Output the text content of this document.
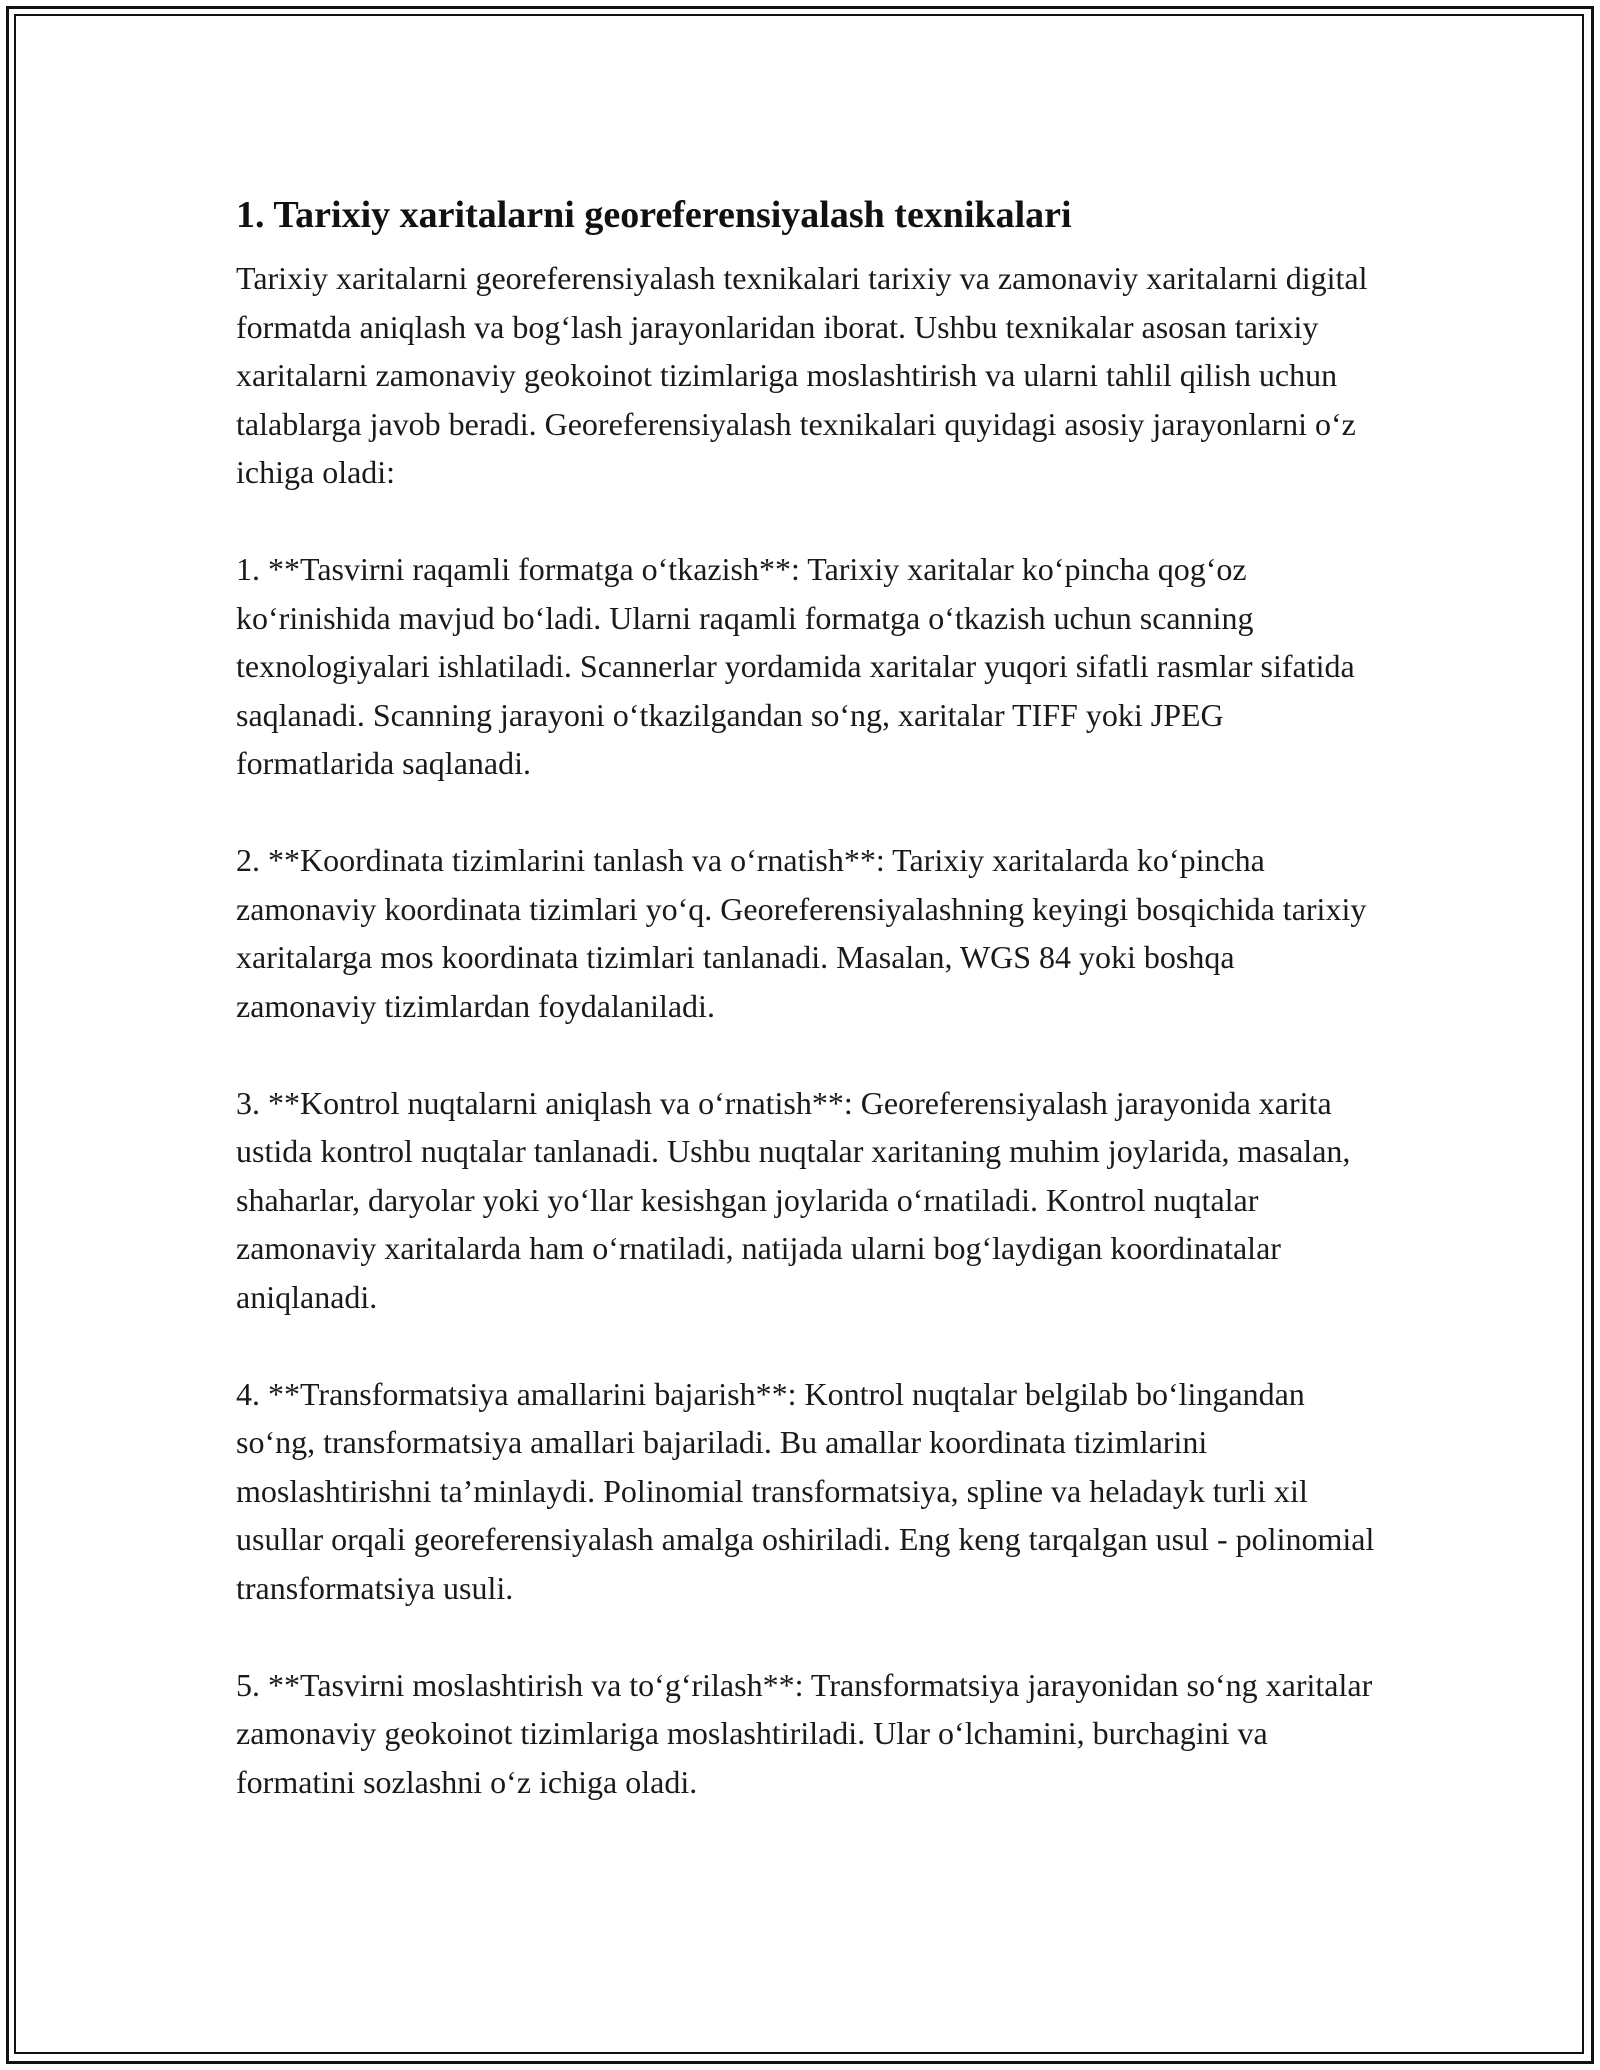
1. Tarixiy xaritalarni georeferensiyalash texnikalari

Tarixiy xaritalarni georeferensiyalash texnikalari tarixiy va zamonaviy xaritalarni digital formatda aniqlash va bog‘lash jarayonlaridan iborat. Ushbu texnikalar asosan tarixiy xaritalarni zamonaviy geokoinot tizimlariga moslashtirish va ularni tahlil qilish uchun talablarga javob beradi. Georeferensiyalash texnikalari quyidagi asosiy jarayonlarni o‘z ichiga oladi:

1. **Tasvirni raqamli formatga o‘tkazish**: Tarixiy xaritalar ko‘pincha qog‘oz ko‘rinishida mavjud bo‘ladi. Ularni raqamli formatga o‘tkazish uchun scanning texnologiyalari ishlatiladi. Scannerlar yordamida xaritalar yuqori sifatli rasmlar sifatida saqlanadi. Scanning jarayoni o‘tkazilgandan so‘ng, xaritalar TIFF yoki JPEG formatlarida saqlanadi.

2. **Koordinata tizimlarini tanlash va o‘rnatish**: Tarixiy xaritalarda ko‘pincha zamonaviy koordinata tizimlari yo‘q. Georeferensiyalashning keyingi bosqichida tarixiy xaritalarga mos koordinata tizimlari tanlanadi. Masalan, WGS 84 yoki boshqa zamonaviy tizimlardan foydalaniladi.

3. **Kontrol nuqtalarni aniqlash va o‘rnatish**: Georeferensiyalash jarayonida xarita ustida kontrol nuqtalar tanlanadi. Ushbu nuqtalar xaritaning muhim joylarida, masalan, shaharlar, daryolar yoki yo‘llar kesishgan joylarida o‘rnatiladi. Kontrol nuqtalar zamonaviy xaritalarda ham o‘rnatiladi, natijada ularni bog‘laydigan koordinatalar aniqlanadi.

4. **Transformatsiya amallarini bajarish**: Kontrol nuqtalar belgilab bo‘lingandan so‘ng, transformatsiya amallari bajariladi. Bu amallar koordinata tizimlarini moslashtirishni ta’minlaydi. Polinomial transformatsiya, spline va heladayk turli xil usullar orqali georeferensiyalash amalga oshiriladi. Eng keng tarqalgan usul - polinomial transformatsiya usuli.

5. **Tasvirni moslashtirish va to‘g‘rilash**: Transformatsiya jarayonidan so‘ng xaritalar zamonaviy geokoinot tizimlariga moslashtiriladi. Ular o‘lchamini, burchagini va formatini sozlashni o‘z ichiga oladi.
